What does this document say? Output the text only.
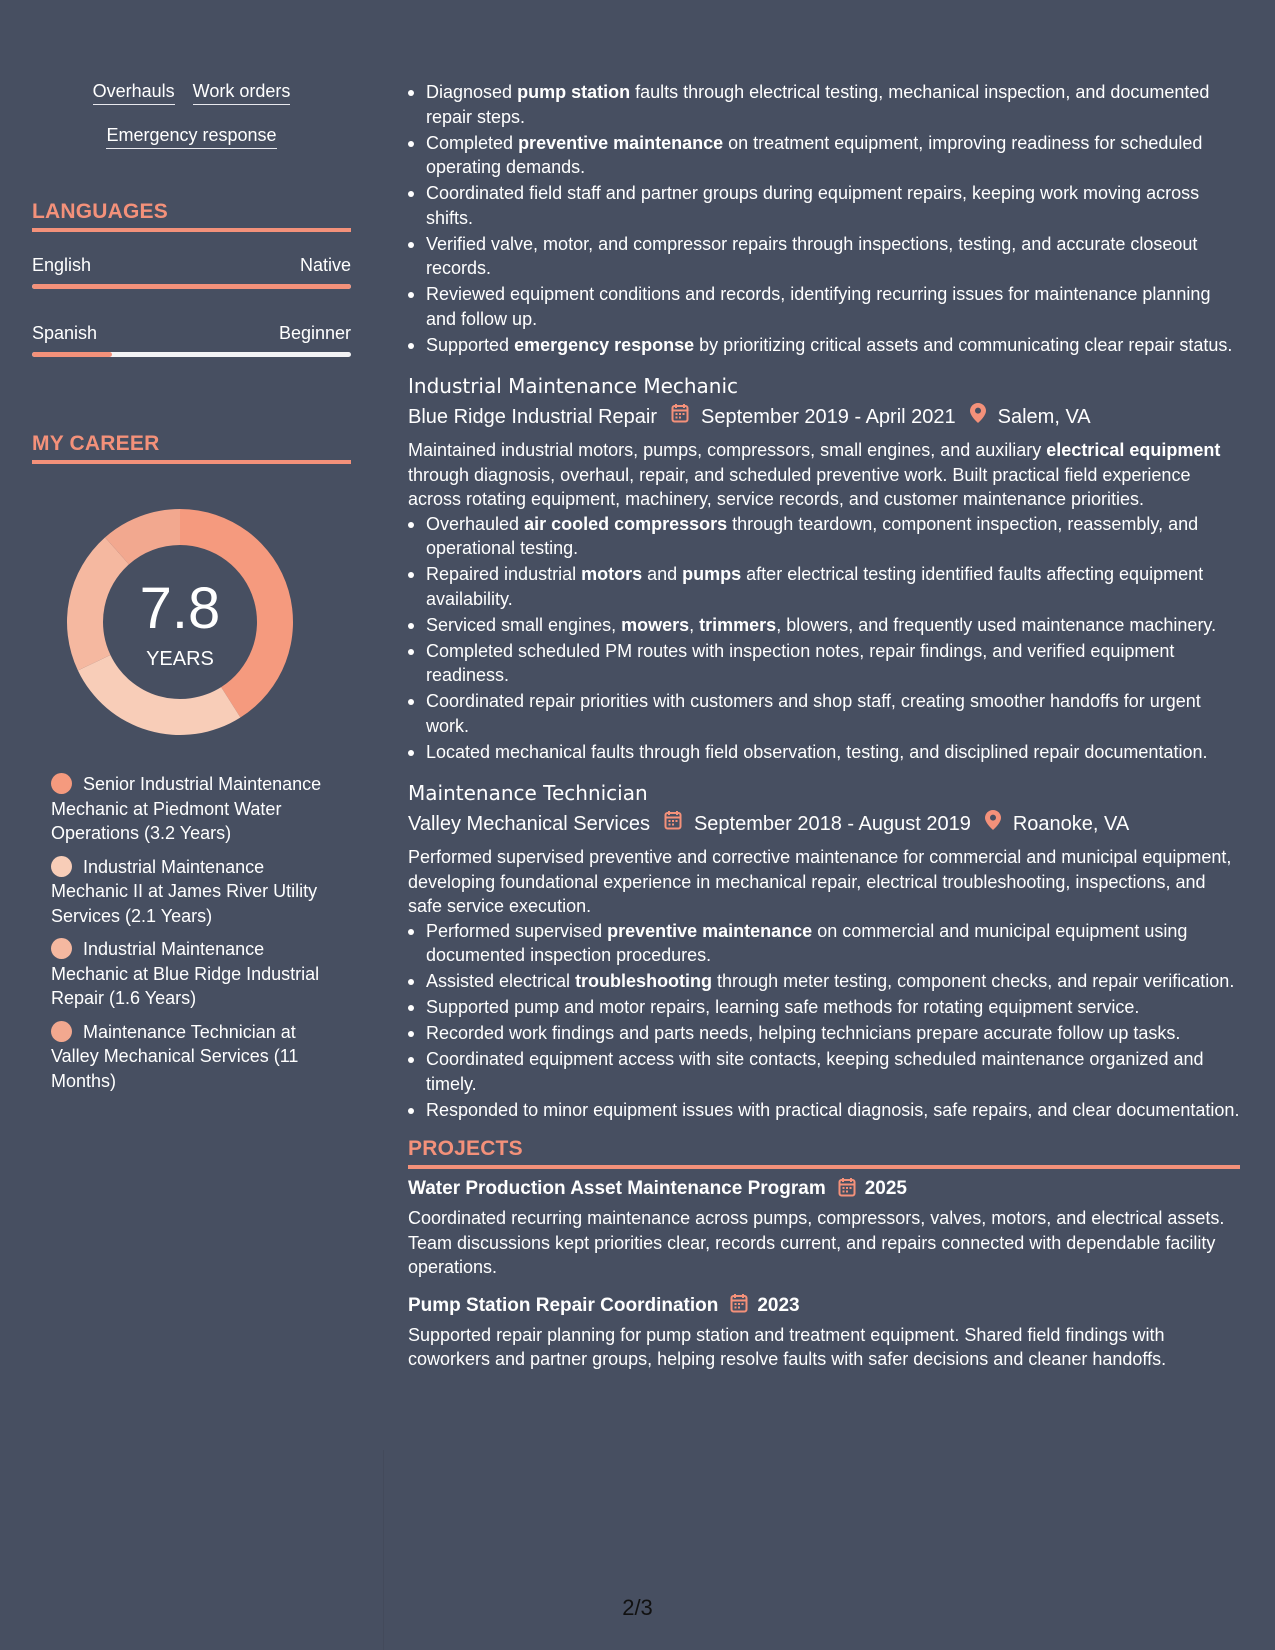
Overhauls Work orders
Emergency response
LANGUAGES
English	Native
Spanish	Beginner
MY CAREER
7.8
YEARS
Senior Industrial Maintenance Mechanic at Piedmont Water Operations (3.2 Years)
Industrial Maintenance Mechanic II at James River Utility Services (2.1 Years)
Industrial Maintenance Mechanic at Blue Ridge Industrial Repair (1.6 Years)
Maintenance Technician at Valley Mechanical Services (11 Months)
Diagnosed pump station faults through electrical testing, mechanical inspection, and documented repair steps.
Completed preventive maintenance on treatment equipment, improving readiness for scheduled operating demands.
Coordinated field staff and partner groups during equipment repairs, keeping work moving across shifts.
Verified valve, motor, and compressor repairs through inspections, testing, and accurate closeout records.
Reviewed equipment conditions and records, identifying recurring issues for maintenance planning and follow up.
Supported emergency response by prioritizing critical assets and communicating clear repair status.
Industrial Maintenance Mechanic
Blue Ridge Industrial Repair September 2019 - April 2021 Salem, VA
Maintained industrial motors, pumps, compressors, small engines, and auxiliary electrical equipment through diagnosis, overhaul, repair, and scheduled preventive work. Built practical field experience across rotating equipment, machinery, service records, and customer maintenance priorities.
Overhauled air cooled compressors through teardown, component inspection, reassembly, and operational testing.
Repaired industrial motors and pumps after electrical testing identified faults affecting equipment availability.
Serviced small engines, mowers, trimmers, blowers, and frequently used maintenance machinery.
Completed scheduled PM routes with inspection notes, repair findings, and verified equipment readiness.
Coordinated repair priorities with customers and shop staff, creating smoother handoffs for urgent work.
Located mechanical faults through field observation, testing, and disciplined repair documentation.
Maintenance Technician
Valley Mechanical Services September 2018 - August 2019 Roanoke, VA
Performed supervised preventive and corrective maintenance for commercial and municipal equipment, developing foundational experience in mechanical repair, electrical troubleshooting, inspections, and safe service execution.
Performed supervised preventive maintenance on commercial and municipal equipment using documented inspection procedures.
Assisted electrical troubleshooting through meter testing, component checks, and repair verification.
Supported pump and motor repairs, learning safe methods for rotating equipment service.
Recorded work findings and parts needs, helping technicians prepare accurate follow up tasks.
Coordinated equipment access with site contacts, keeping scheduled maintenance organized and timely.
Responded to minor equipment issues with practical diagnosis, safe repairs, and clear documentation.
PROJECTS
Water Production Asset Maintenance Program 2025
Coordinated recurring maintenance across pumps, compressors, valves, motors, and electrical assets. Team discussions kept priorities clear, records current, and repairs connected with dependable facility operations.
Pump Station Repair Coordination 2023
Supported repair planning for pump station and treatment equipment. Shared field findings with coworkers and partner groups, helping resolve faults with safer decisions and cleaner handoffs.
2/3
